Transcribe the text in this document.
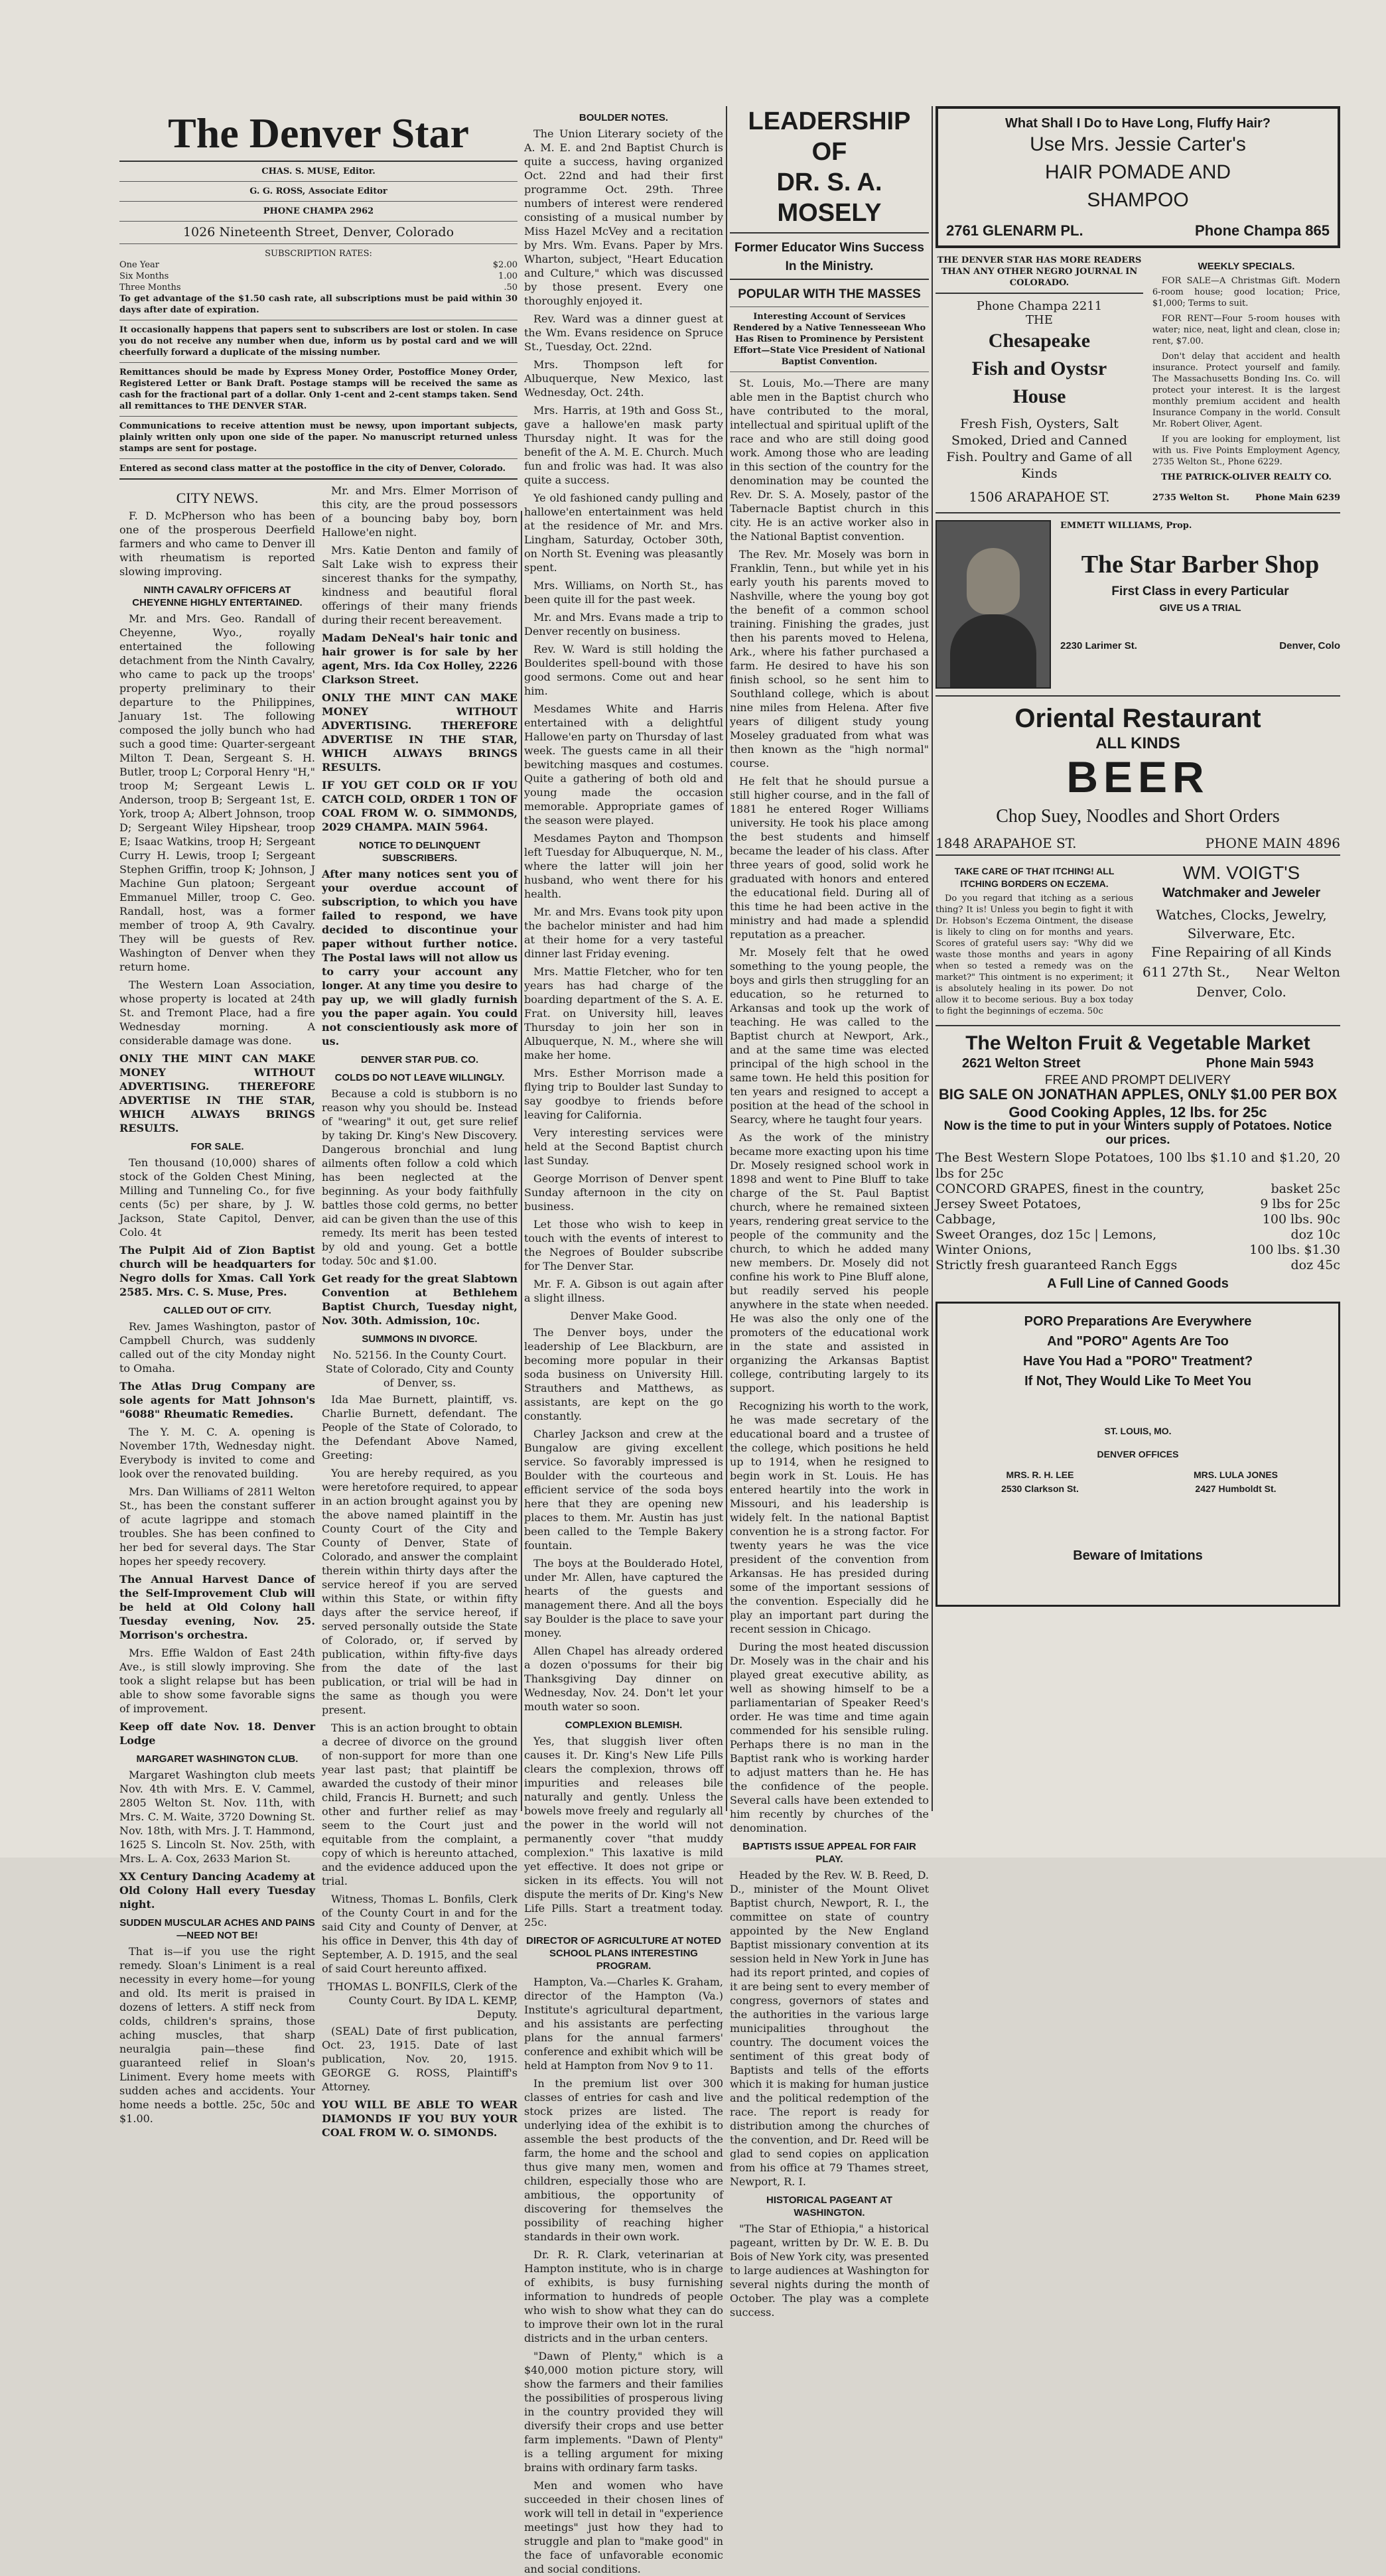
The Denver Star
CHAS. S. MUSE, Editor.
G. G. ROSS, Associate Editor
PHONE CHAMPA 2962
1026 Nineteenth Street, Denver, Colorado
SUBSCRIPTION RATES:
One Year	$2.00
Six Months	1.00
Three Months	.50
To get advantage of the $1.50 cash rate, all subscriptions must be paid within 30 days after date of expiration.
It occasionally happens that papers sent to subscribers are lost or stolen. In case you do not receive any number when due, inform us by postal card and we will cheerfully forward a duplicate of the missing number.
Remittances should be made by Express Money Order, Postoffice Money Order, Registered Letter or Bank Draft. Postage stamps will be received the same as cash for the fractional part of a dollar. Only 1-cent and 2-cent stamps taken. Send all remittances to THE DENVER STAR.
Communications to receive attention must be newsy, upon important subjects, plainly written only upon one side of the paper. No manuscript returned unless stamps are sent for postage.
Entered as second class matter at the postoffice in the city of Denver, Colorado.
CITY NEWS.

F. D. McPherson who has been one of the prosperous Deerfield farmers and who came to Denver ill with rheumatism is reported slowing improving.

NINTH CAVALRY OFFICERS AT CHEYENNE HIGHLY ENTERTAINED.

Mr. and Mrs. Geo. Randall of Cheyenne, Wyo., royally entertained the following detachment from the Ninth Cavalry, who came to pack up the troops' property preliminary to their departure to the Philippines, January 1st. The following composed the jolly bunch who had such a good time: Quarter-sergeant Milton T. Dean, Sergeant S. H. Butler, troop L; Corporal Henry "H," troop M; Sergeant Lewis L. Anderson, troop B; Sergeant 1st, E. York, troop A; Albert Johnson, troop D; Sergeant Wiley Hipshear, troop E; Isaac Watkins, troop H; Sergeant Curry H. Lewis, troop I; Sergeant Stephen Griffin, troop K; Johnson, J Machine Gun platoon; Sergeant Emmanuel Miller, troop C. Geo. Randall, host, was a former member of troop A, 9th Cavalry. They will be guests of Rev. Washington of Denver when they return home.

The Western Loan Association, whose property is located at 24th St. and Tremont Place, had a fire Wednesday morning. A considerable damage was done.

ONLY THE MINT CAN MAKE MONEY WITHOUT ADVERTISING. THEREFORE ADVERTISE IN THE STAR, WHICH ALWAYS BRINGS RESULTS.

FOR SALE.

Ten thousand (10,000) shares of stock of the Golden Chest Mining, Milling and Tunneling Co., for five cents (5c) per share, by J. W. Jackson, State Capitol, Denver, Colo. 4t

The Pulpit Aid of Zion Baptist church will be headquarters for Negro dolls for Xmas. Call York 2585. Mrs. C. S. Muse, Pres.

CALLED OUT OF CITY.

Rev. James Washington, pastor of Campbell Church, was suddenly called out of the city Monday night to Omaha.

The Atlas Drug Company are sole agents for Matt Johnson's "6088" Rheumatic Remedies.

The Y. M. C. A. opening is November 17th, Wednesday night. Everybody is invited to come and look over the renovated building.

Mrs. Dan Williams of 2811 Welton St., has been the constant sufferer of acute lagrippe and stomach troubles. She has been confined to her bed for several days. The Star hopes her speedy recovery.

The Annual Harvest Dance of the Self-Improvement Club will be held at Old Colony hall Tuesday evening, Nov. 25. Morrison's orchestra.

Mrs. Effie Waldon of East 24th Ave., is still slowly improving. She took a slight relapse but has been able to show some favorable signs of improvement.

Keep off date Nov. 18. Denver Lodge

MARGARET WASHINGTON CLUB.

Margaret Washington club meets Nov. 4th with Mrs. E. V. Cammel, 2805 Welton St. Nov. 11th, with Mrs. C. M. Waite, 3720 Downing St. Nov. 18th, with Mrs. J. T. Hammond, 1625 S. Lincoln St. Nov. 25th, with Mrs. L. A. Cox, 2633 Marion St.

XX Century Dancing Academy at Old Colony Hall every Tuesday night.

SUDDEN MUSCULAR ACHES AND PAINS—NEED NOT BE!

That is—if you use the right remedy. Sloan's Liniment is a real necessity in every home—for young and old. Its merit is praised in dozens of letters. A stiff neck from colds, children's sprains, those aching muscles, that sharp neuralgia pain—these find guaranteed relief in Sloan's Liniment. Every home meets with sudden aches and accidents. Your home needs a bottle. 25c, 50c and $1.00.

Mr. and Mrs. Elmer Morrison of this city, are the proud possessors of a bouncing baby boy, born Hallowe'en night.

Mrs. Katie Denton and family of Salt Lake wish to express their sincerest thanks for the sympathy, kindness and beautiful floral offerings of their many friends during their recent bereavement.

Madam DeNeal's hair tonic and hair grower is for sale by her agent, Mrs. Ida Cox Holley, 2226 Clarkson Street.

ONLY THE MINT CAN MAKE MONEY WITHOUT ADVERTISING. THEREFORE ADVERTISE IN THE STAR, WHICH ALWAYS BRINGS RESULTS.

IF YOU GET COLD OR IF YOU CATCH COLD, ORDER 1 TON OF COAL FROM W. O. SIMMONDS, 2029 CHAMPA. MAIN 5964.

NOTICE TO DELINQUENT SUBSCRIBERS.

After many notices sent you of your overdue account of subscription, to which you have failed to respond, we have decided to discontinue your paper without further notice. The Postal laws will not allow us to carry your account any longer. At any time you desire to pay up, we will gladly furnish you the paper again. You could not conscientiously ask more of us.

DENVER STAR PUB. CO.
COLDS DO NOT LEAVE WILLINGLY.

Because a cold is stubborn is no reason why you should be. Instead of "wearing" it out, get sure relief by taking Dr. King's New Discovery. Dangerous bronchial and lung ailments often follow a cold which has been neglected at the beginning. As your body faithfully battles those cold germs, no better aid can be given than the use of this remedy. Its merit has been tested by old and young. Get a bottle today. 50c and $1.00.

Get ready for the great Slabtown Convention at Bethlehem Baptist Church, Tuesday night, Nov. 30th. Admission, 10c.

SUMMONS IN DIVORCE.
No. 52156. In the County Court. State of Colorado, City and County of Denver, ss.

Ida Mae Burnett, plaintiff, vs. Charlie Burnett, defendant. The People of the State of Colorado, to the Defendant Above Named, Greeting:

You are hereby required, as you were heretofore required, to appear in an action brought against you by the above named plaintiff in the County Court of the City and County of Denver, State of Colorado, and answer the complaint therein within thirty days after the service hereof if you are served within this State, or within fifty days after the service hereof, if served personally outside the State of Colorado, or, if served by publication, within fifty-five days from the date of the last publication, or trial will be had in the same as though you were present.

This is an action brought to obtain a decree of divorce on the ground of non-support for more than one year last past; that plaintiff be awarded the custody of their minor child, Francis H. Burnett; and such other and further relief as may seem to the Court just and equitable from the complaint, a copy of which is hereunto attached, and the evidence adduced upon the trial.

Witness, Thomas L. Bonfils, Clerk of the County Court in and for the said City and County of Denver, at his office in Denver, this 4th day of September, A. D. 1915, and the seal of said Court hereunto affixed.

THOMAS L. BONFILS, Clerk of the County Court. By IDA L. KEMP, Deputy.

(SEAL) Date of first publication, Oct. 23, 1915. Date of last publication, Nov. 20, 1915. GEORGE G. ROSS, Plaintiff's Attorney.

YOU WILL BE ABLE TO WEAR DIAMONDS IF YOU BUY YOUR COAL FROM W. O. SIMONDS.

BOULDER NOTES.

The Union Literary society of the A. M. E. and 2nd Baptist Church is quite a success, having organized Oct. 22nd and had their first programme Oct. 29th. Three numbers of interest were rendered consisting of a musical number by Miss Hazel McVey and a recitation by Mrs. Wm. Evans. Paper by Mrs. Wharton, subject, "Heart Education and Culture," which was discussed by those present. Every one thoroughly enjoyed it.

Rev. Ward was a dinner guest at the Wm. Evans residence on Spruce St., Tuesday, Oct. 22nd.

Mrs. Thompson left for Albuquerque, New Mexico, last Wednesday, Oct. 24th.

Mrs. Harris, at 19th and Goss St., gave a hallowe'en mask party Thursday night. It was for the benefit of the A. M. E. Church. Much fun and frolic was had. It was also quite a success.

Ye old fashioned candy pulling and hallowe'en entertainment was held at the residence of Mr. and Mrs. Lingham, Saturday, October 30th, on North St. Evening was pleasantly spent.

Mrs. Williams, on North St., has been quite ill for the past week.

Mr. and Mrs. Evans made a trip to Denver recently on business.

Rev. W. Ward is still holding the Boulderites spell-bound with those good sermons. Come out and hear him.

Mesdames White and Harris entertained with a delightful Hallowe'en party on Thursday of last week. The guests came in all their bewitching masques and costumes. Quite a gathering of both old and young made the occasion memorable. Appropriate games of the season were played.

Mesdames Payton and Thompson left Tuesday for Albuquerque, N. M., where the latter will join her husband, who went there for his health.

Mr. and Mrs. Evans took pity upon the bachelor minister and had him at their home for a very tasteful dinner last Friday evening.

Mrs. Mattie Fletcher, who for ten years has had charge of the boarding department of the S. A. E. Frat. on University hill, leaves Thursday to join her son in Albuquerque, N. M., where she will make her home.

Mrs. Esther Morrison made a flying trip to Boulder last Sunday to say goodbye to friends before leaving for California.

Very interesting services were held at the Second Baptist church last Sunday.

George Morrison of Denver spent Sunday afternoon in the city on business.

Let those who wish to keep in touch with the events of interest to the Negroes of Boulder subscribe for The Denver Star.

Mr. F. A. Gibson is out again after a slight illness.

Denver Make Good.

The Denver boys, under the leadership of Lee Blackburn, are becoming more popular in their soda business on University Hill. Strauthers and Matthews, as assistants, are kept on the go constantly.

Charley Jackson and crew at the Bungalow are giving excellent service. So favorably impressed is Boulder with the courteous and efficient service of the soda boys here that they are opening new places to them. Mr. Austin has just been called to the Temple Bakery fountain.

The boys at the Boulderado Hotel, under Mr. Allen, have captured the hearts of the guests and management there. And all the boys say Boulder is the place to save your money.

Allen Chapel has already ordered a dozen o'possums for their big Thanksgiving Day dinner on Wednesday, Nov. 24. Don't let your mouth water so soon.

COMPLEXION BLEMISH.

Yes, that sluggish liver often causes it. Dr. King's New Life Pills clears the complexion, throws off impurities and releases bile naturally and gently. Unless the bowels move freely and regularly all the power in the world will not permanently cover "that muddy complexion." This laxative is mild yet effective. It does not gripe or sicken in its effects. You will not dispute the merits of Dr. King's New Life Pills. Start a treatment today. 25c.

DIRECTOR OF AGRICULTURE AT NOTED SCHOOL PLANS INTERESTING PROGRAM.

Hampton, Va.—Charles K. Graham, director of the Hampton (Va.) Institute's agricultural department, and his assistants are perfecting plans for the annual farmers' conference and exhibit which will be held at Hampton from Nov 9 to 11.

In the premium list over 300 classes of entries for cash and live stock prizes are listed. The underlying idea of the exhibit is to assemble the best products of the farm, the home and the school and thus give many men, women and children, especially those who are ambitious, the opportunity of discovering for themselves the possibility of reaching higher standards in their own work.

Dr. R. R. Clark, veterinarian at Hampton institute, who is in charge of exhibits, is busy furnishing information to hundreds of people who wish to show what they can do to improve their own lot in the rural districts and in the urban centers.

"Dawn of Plenty," which is a $40,000 motion picture story, will show the farmers and their families the possibilities of prosperous living in the country provided they will diversify their crops and use better farm implements. "Dawn of Plenty" is a telling argument for mixing brains with ordinary farm tasks.

Men and women who have succeeded in their chosen lines of work will tell in detail in "experience meetings" just how they had to struggle and plan to "make good" in the face of unfavorable economic and social conditions.

LEADERSHIP OF
DR. S. A. MOSELY
Former Educator Wins Success
In the Ministry.
POPULAR WITH THE MASSES
Interesting Account of Services Rendered by a Native Tennesseean Who Has Risen to Prominence by Persistent Effort—State Vice President of National Baptist Convention.

St. Louis, Mo.—There are many able men in the Baptist church who have contributed to the moral, intellectual and spiritual uplift of the race and who are still doing good work. Among those who are leading in this section of the country for the denomination may be counted the Rev. Dr. S. A. Mosely, pastor of the Tabernacle Baptist church in this city. He is an active worker also in the National Baptist convention.

The Rev. Mr. Mosely was born in Franklin, Tenn., but while yet in his early youth his parents moved to Nashville, where the young boy got the benefit of a common school training. Finishing the grades, just then his parents moved to Helena, Ark., where his father purchased a farm. He desired to have his son finish school, so he sent him to Southland college, which is about nine miles from Helena. After five years of diligent study young Moseley graduated from what was then known as the "high normal" course.

He felt that he should pursue a still higher course, and in the fall of 1881 he entered Roger Williams university. He took his place among the best students and himself became the leader of his class. After three years of good, solid work he graduated with honors and entered the educational field. During all of this time he had been active in the ministry and had made a splendid reputation as a preacher.

Mr. Mosely felt that he owed something to the young people, the boys and girls then struggling for an education, so he returned to Arkansas and took up the work of teaching. He was called to the Baptist church at Newport, Ark., and at the same time was elected principal of the high school in the same town. He held this position for ten years and resigned to accept a position at the head of the school in Searcy, where he taught four years.

As the work of the ministry became more exacting upon his time Dr. Mosely resigned school work in 1898 and went to Pine Bluff to take charge of the St. Paul Baptist church, where he remained sixteen years, rendering great service to the people of the community and the church, to which he added many new members. Dr. Mosely did not confine his work to Pine Bluff alone, but readily served his people anywhere in the state when needed. He was also the only one of the promoters of the educational work in the state and assisted in organizing the Arkansas Baptist college, contributing largely to its support.

Recognizing his worth to the work, he was made secretary of the educational board and a trustee of the college, which positions he held up to 1914, when he resigned to begin work in St. Louis. He has entered heartily into the work in Missouri, and his leadership is widely felt. In the national Baptist convention he is a strong factor. For twenty years he was the vice president of the convention from Arkansas. He has presided during some of the important sessions of the convention. Especially did he play an important part during the recent session in Chicago.

During the most heated discussion Dr. Mosely was in the chair and his played great executive ability, as well as showing himself to be a parliamentarian of Speaker Reed's order. He was time and time again commended for his sensible ruling. Perhaps there is no man in the Baptist rank who is working harder to adjust matters than he. He has the confidence of the people. Several calls have been extended to him recently by churches of the denomination.

BAPTISTS ISSUE APPEAL FOR FAIR PLAY.

Headed by the Rev. W. B. Reed, D. D., minister of the Mount Olivet Baptist church, Newport, R. I., the committee on state of country appointed by the New England Baptist missionary convention at its session held in New York in June has had its report printed, and copies of it are being sent to every member of congress, governors of states and the authorities in the various large municipalities throughout the country. The document voices the sentiment of this great body of Baptists and tells of the efforts which it is making for human justice and the political redemption of the race. The report is ready for distribution among the churches of the convention, and Dr. Reed will be glad to send copies on application from his office at 79 Thames street, Newport, R. I.

HISTORICAL PAGEANT AT WASHINGTON.

"The Star of Ethiopia," a historical pageant, written by Dr. W. E. B. Du Bois of New York city, was presented to large audiences at Washington for several nights during the month of October. The play was a complete success.

What Shall I Do to Have Long, Fluffy Hair?
Use Mrs. Jessie Carter's
HAIR POMADE AND
SHAMPOO
2761 GLENARM PL.	Phone Champa 865
THE DENVER STAR HAS MORE READERS THAN ANY OTHER NEGRO JOURNAL IN COLORADO.
Phone Champa 2211
THE
Chesapeake
Fish and Oystsr
House
Fresh Fish, Oysters, Salt Smoked, Dried and Canned Fish. Poultry and Game of all Kinds
1506 ARAPAHOE ST.
WEEKLY SPECIALS.

FOR SALE—A Christmas Gift. Modern 6-room house; good location; Price, $1,000; Terms to suit.

FOR RENT—Four 5-room houses with water; nice, neat, light and clean, close in; rent, $7.00.

Don't delay that accident and health insurance. Protect yourself and family. The Massachusetts Bonding Ins. Co. will protect your interest. It is the largest monthly premium accident and health Insurance Company in the world. Consult Mr. Robert Oliver, Agent.

If you are looking for employment, list with us. Five Points Employment Agency, 2735 Welton St., Phone 6229.

THE PATRICK-OLIVER REALTY CO.
2735 Welton St.	Phone Main 6239
EMMETT WILLIAMS, Prop.
The Star Barber Shop
First Class in every Particular
GIVE US A TRIAL
2230 Larimer St.	Denver, Colo
Oriental Restaurant
ALL KINDS
BEER
Chop Suey, Noodles and Short Orders
1848 ARAPAHOE ST.	PHONE MAIN 4896
TAKE CARE OF THAT ITCHING! ALL ITCHING BORDERS ON ECZEMA.

Do you regard that itching as a serious thing? It is! Unless you begin to fight it with Dr. Hobson's Eczema Ointment, the disease is likely to cling on for months and years. Scores of grateful users say: "Why did we waste those months and years in agony when so tested a remedy was on the market?" This ointment is no experiment; it is absolutely healing in its power. Do not allow it to become serious. Buy a box today to fight the beginnings of eczema. 50c

WM. VOIGT'S
Watchmaker and Jeweler
Watches, Clocks, Jewelry,
Silverware, Etc.
Fine Repairing of all Kinds
611 27th St., Near Welton
Denver, Colo.
The Welton Fruit & Vegetable Market
2621 Welton Street	Phone Main 5943
FREE AND PROMPT DELIVERY
BIG SALE ON JONATHAN APPLES, ONLY $1.00 PER BOX
Good Cooking Apples, 12 lbs. for 25c
Now is the time to put in your Winters supply of Potatoes. Notice our prices.
The Best Western Slope Potatoes, 100 lbs $1.10 and $1.20, 20 lbs for 25c
CONCORD GRAPES, finest in the country,	basket 25c
Jersey Sweet Potatoes,	9 lbs for 25c
Cabbage,	100 lbs. 90c
Sweet Oranges, doz 15c | Lemons,	doz 10c
Winter Onions,	100 lbs. $1.30
Strictly fresh guaranteed Ranch Eggs	doz 45c
A Full Line of Canned Goods
PORO Preparations Are Everywhere
And "PORO" Agents Are Too
Have You Had a "PORO" Treatment?
If Not, They Would Like To Meet You
ST. LOUIS, MO.
DENVER OFFICES
MRS. R. H. LEE
2530 Clarkson St.
MRS. LULA JONES
2427 Humboldt St.
Beware of Imitations
